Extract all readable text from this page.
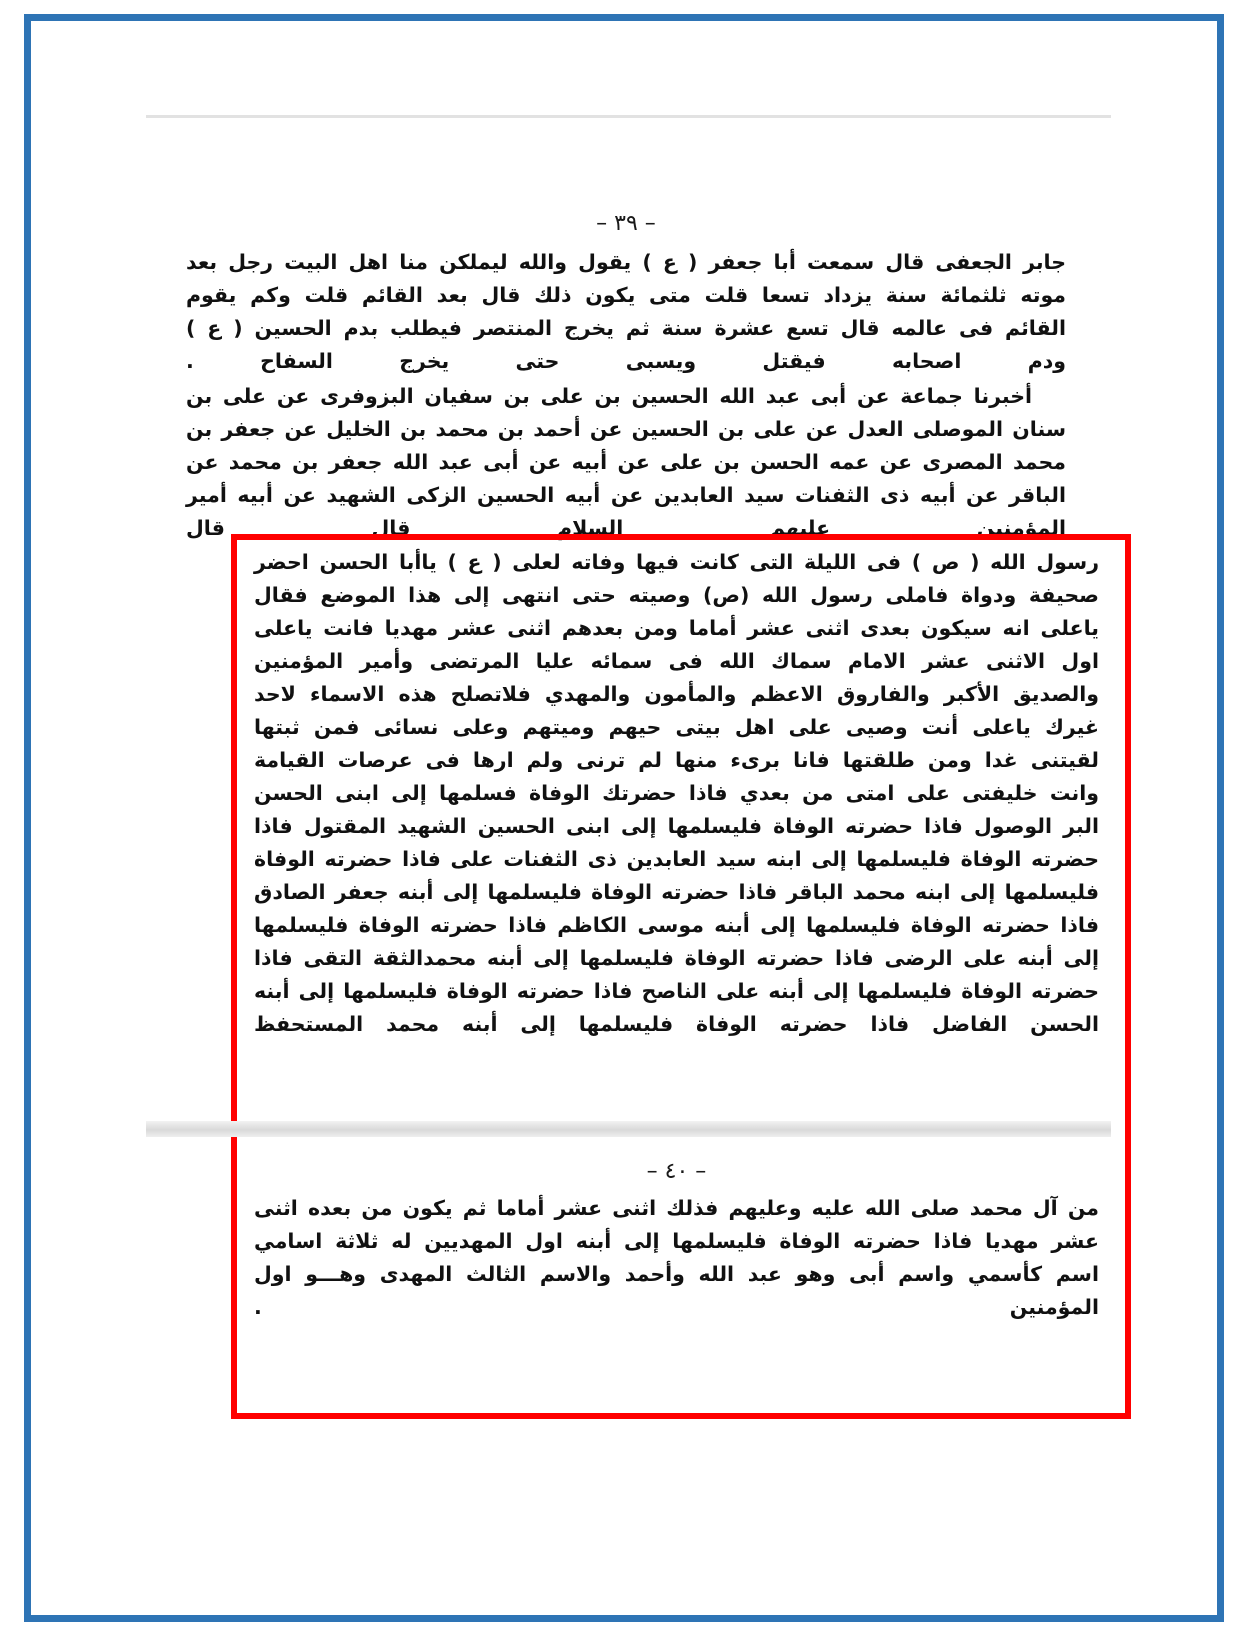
– ٣٩ –

جابر الجعفى قال سمعت أبا جعفر ( ع ) يقول والله ليملكن منا اهل البيت رجل بعد موته ثلثمائة سنة يزداد تسعا قلت متى يكون ذلك قال بعد القائم قلت وكم يقوم القائم فى عالمه قال تسع عشرة سنة ثم يخرج المنتصر فيطلب بدم الحسين ( ع ) ودم اصحابه فيقتل ويسبى حتى يخرج السفاح .

أخبرنا جماعة عن أبى عبد الله الحسين بن على بن سفيان البزوفرى عن على بن سنان الموصلى العدل عن على بن الحسين عن أحمد بن محمد بن الخليل عن جعفر بن محمد المصرى عن عمه الحسن بن على عن أبيه عن أبى عبد الله جعفر بن محمد عن الباقر عن أبيه ذى الثفنات سيد العابدين عن أبيه الحسين الزكى الشهيد عن أبيه أمير المؤمنين عليهم السلام قال قال

رسول الله ( ص ) فى الليلة التى كانت فيها وفاته لعلى ( ع ) ياأبا الحسن احضر صحيفة ودواة فاملى رسول الله (ص) وصيته حتى انتهى إلى هذا الموضع فقال ياعلى انه سيكون بعدى اثنى عشر أماما ومن بعدهم اثنى عشر مهديا فانت ياعلى اول الاثنى عشر الامام سماك الله فى سمائه عليا المرتضى وأمير المؤمنين والصديق الأكبر والفاروق الاعظم والمأمون والمهدي فلاتصلح هذه الاسماء لاحد غيرك ياعلى أنت وصيى على اهل بيتى حيهم وميتهم وعلى نسائى فمن ثبتها لقيتنى غدا ومن طلقتها فانا برىء منها لم ترنى ولم ارها فى عرصات القيامة وانت خليفتى على امتى من بعدي فاذا حضرتك الوفاة فسلمها إلى ابنى الحسن البر الوصول فاذا حضرته الوفاة فليسلمها إلى ابنى الحسين الشهيد المقتول فاذا حضرته الوفاة فليسلمها إلى ابنه سيد العابدين ذى الثفنات على فاذا حضرته الوفاة فليسلمها إلى ابنه محمد الباقر فاذا حضرته الوفاة فليسلمها إلى أبنه جعفر الصادق فاذا حضرته الوفاة فليسلمها إلى أبنه موسى الكاظم فاذا حضرته الوفاة فليسلمها إلى أبنه على الرضى فاذا حضرته الوفاة فليسلمها إلى أبنه محمدالثقة التقى فاذا حضرته الوفاة فليسلمها إلى أبنه على الناصح فاذا حضرته الوفاة فليسلمها إلى أبنه الحسن الفاضل فاذا حضرته الوفاة فليسلمها إلى أبنه محمد المستحفظ

– ٤٠ –

من آل محمد صلى الله عليه وعليهم فذلك اثنى عشر أماما ثم يكون من بعده اثنى عشر مهديا فاذا حضرته الوفاة فليسلمها إلى أبنه اول المهديين له ثلاثة اسامي اسم كأسمي واسم أبى وهو عبد الله وأحمد والاسم الثالث المهدى وهـــو اول المؤمنين .
